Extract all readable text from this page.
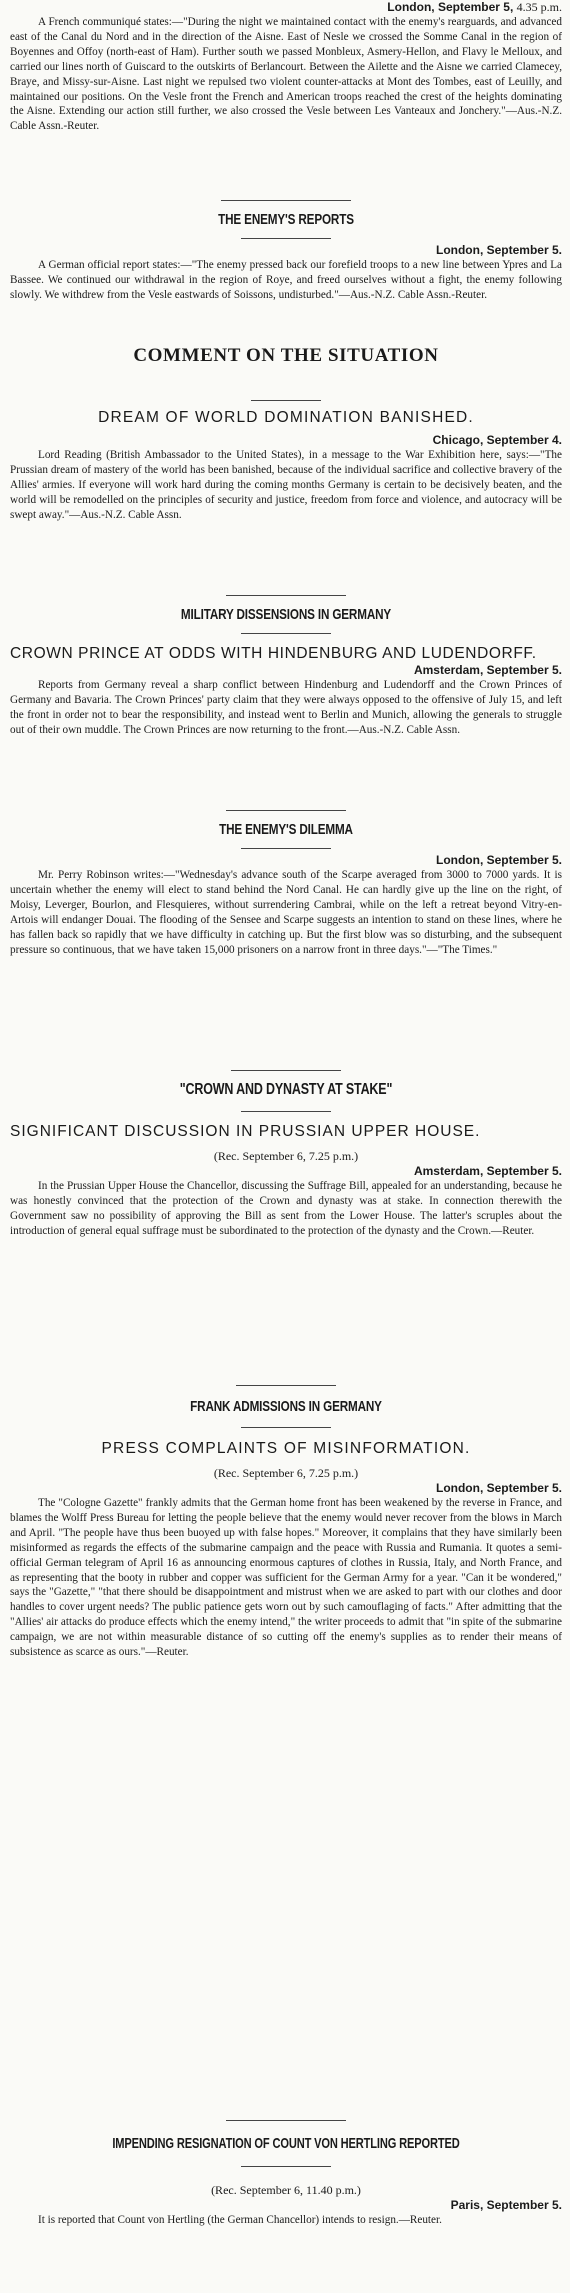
London, September 5, 4.35 p.m.

A French communiqué states:—"During the night we maintained contact with the enemy's rearguards, and advanced east of the Canal du Nord and in the direction of the Aisne. East of Nesle we crossed the Somme Canal in the region of Boyennes and Offoy (north-east of Ham). Further south we passed Monbleux, Asmery-Hellon, and Flavy le Melloux, and carried our lines north of Guiscard to the outskirts of Berlancourt. Between the Ailette and the Aisne we carried Clamecey, Braye, and Missy-sur-Aisne. Last night we repulsed two violent counter-attacks at Mont des Tombes, east of Leuilly, and maintained our positions. On the Vesle front the French and American troops reached the crest of the heights dominating the Aisne. Extending our action still further, we also crossed the Vesle between Les Vanteaux and Jonchery."—Aus.-N.Z. Cable Assn.-Reuter.

THE ENEMY'S REPORTS

London, September 5.

A German official report states:—"The enemy pressed back our forefield troops to a new line between Ypres and La Bassee. We continued our withdrawal in the region of Roye, and freed ourselves without a fight, the enemy following slowly. We withdrew from the Vesle eastwards of Soissons, undisturbed."—Aus.-N.Z. Cable Assn.-Reuter.

COMMENT ON THE SITUATION

DREAM OF WORLD DOMINATION BANISHED.

Chicago, September 4.

Lord Reading (British Ambassador to the United States), in a message to the War Exhibition here, says:—"The Prussian dream of mastery of the world has been banished, because of the individual sacrifice and collective bravery of the Allies' armies. If everyone will work hard during the coming months Germany is certain to be decisively beaten, and the world will be remodelled on the principles of security and justice, freedom from force and violence, and autocracy will be swept away."—Aus.-N.Z. Cable Assn.

MILITARY DISSENSIONS IN GERMANY

CROWN PRINCE AT ODDS WITH HINDENBURG AND LUDENDORFF.

Amsterdam, September 5.

Reports from Germany reveal a sharp conflict between Hindenburg and Ludendorff and the Crown Princes of Germany and Bavaria. The Crown Princes' party claim that they were always opposed to the offensive of July 15, and left the front in order not to bear the responsibility, and instead went to Berlin and Munich, allowing the generals to struggle out of their own muddle. The Crown Princes are now returning to the front.—Aus.-N.Z. Cable Assn.

THE ENEMY'S DILEMMA

London, September 5.

Mr. Perry Robinson writes:—"Wednesday's advance south of the Scarpe averaged from 3000 to 7000 yards. It is uncertain whether the enemy will elect to stand behind the Nord Canal. He can hardly give up the line on the right, of Moisy, Leverger, Bourlon, and Flesquieres, without surrendering Cambrai, while on the left a retreat beyond Vitry-en-Artois will endanger Douai. The flooding of the Sensee and Scarpe suggests an intention to stand on these lines, where he has fallen back so rapidly that we have difficulty in catching up. But the first blow was so disturbing, and the subsequent pressure so continuous, that we have taken 15,000 prisoners on a narrow front in three days."—"The Times."

"CROWN AND DYNASTY AT STAKE"

SIGNIFICANT DISCUSSION IN PRUSSIAN UPPER HOUSE.

(Rec. September 6, 7.25 p.m.)

Amsterdam, September 5.

In the Prussian Upper House the Chancellor, discussing the Suffrage Bill, appealed for an understanding, because he was honestly convinced that the protection of the Crown and dynasty was at stake. In connection therewith the Government saw no possibility of approving the Bill as sent from the Lower House. The latter's scruples about the introduction of general equal suffrage must be subordinated to the protection of the dynasty and the Crown.—Reuter.

FRANK ADMISSIONS IN GERMANY

PRESS COMPLAINTS OF MISINFORMATION.

(Rec. September 6, 7.25 p.m.)

London, September 5.

The "Cologne Gazette" frankly admits that the German home front has been weakened by the reverse in France, and blames the Wolff Press Bureau for letting the people believe that the enemy would never recover from the blows in March and April. "The people have thus been buoyed up with false hopes." Moreover, it complains that they have similarly been misinformed as regards the effects of the submarine campaign and the peace with Russia and Rumania. It quotes a semi-official German telegram of April 16 as announcing enormous captures of clothes in Russia, Italy, and North France, and as representing that the booty in rubber and copper was sufficient for the German Army for a year. "Can it be wondered," says the "Gazette," "that there should be disappointment and mistrust when we are asked to part with our clothes and door handles to cover urgent needs? The public patience gets worn out by such camouflaging of facts." After admitting that the "Allies' air attacks do produce effects which the enemy intend," the writer proceeds to admit that "in spite of the submarine campaign, we are not within measurable distance of so cutting off the enemy's supplies as to render their means of subsistence as scarce as ours."—Reuter.

IMPENDING RESIGNATION OF COUNT VON HERTLING REPORTED

(Rec. September 6, 11.40 p.m.)

Paris, September 5.

It is reported that Count von Hertling (the German Chancellor) intends to resign.—Reuter.
